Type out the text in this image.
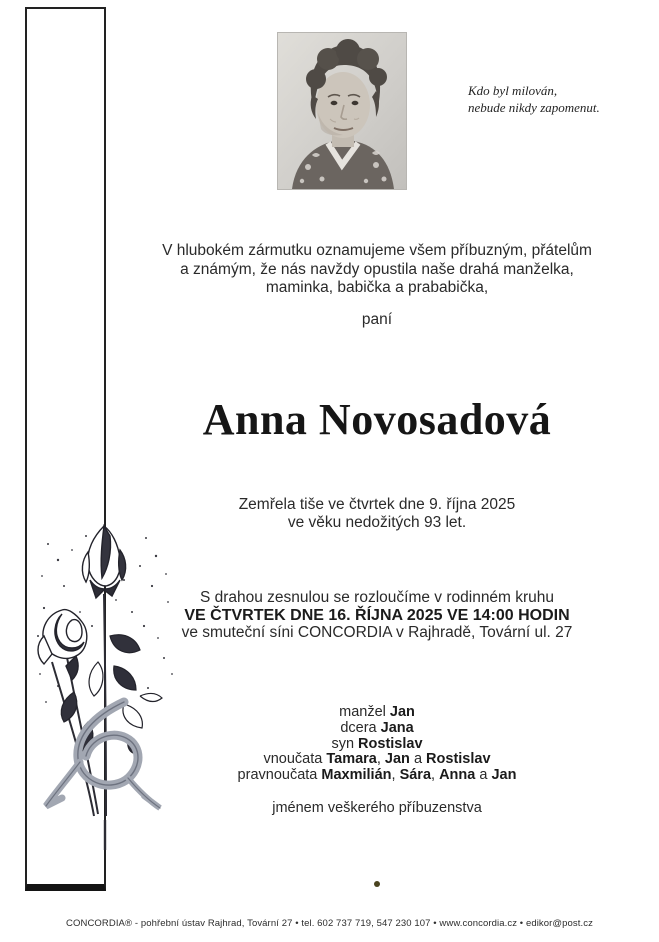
Kdo byl milován,
nebude nikdy zapomenut.
V hlubokém zármutku oznamujeme všem příbuzným, přátelům
a známým, že nás navždy opustila naše drahá manželka,
maminka, babička a prababička,
paní
Anna Novosadová
Zemřela tiše ve čtvrtek dne 9. října 2025
ve věku nedožitých 93 let.
S drahou zesnulou se rozloučíme v rodinném kruhu
VE ČTVRTEK DNE 16. ŘÍJNA 2025 VE 14:00 HODIN
ve smuteční síni CONCORDIA v Rajhradě, Tovární ul. 27
manžel Jan
dcera Jana
syn Rostislav
vnoučata Tamara, Jan a Rostislav
pravnoučata Maxmilián, Sára, Anna a Jan
jménem veškerého příbuzenstva
CONCORDIA® - pohřební ústav Rajhrad, Tovární 27 • tel. 602 737 719, 547 230 107 • www.concordia.cz • edikor@post.cz
